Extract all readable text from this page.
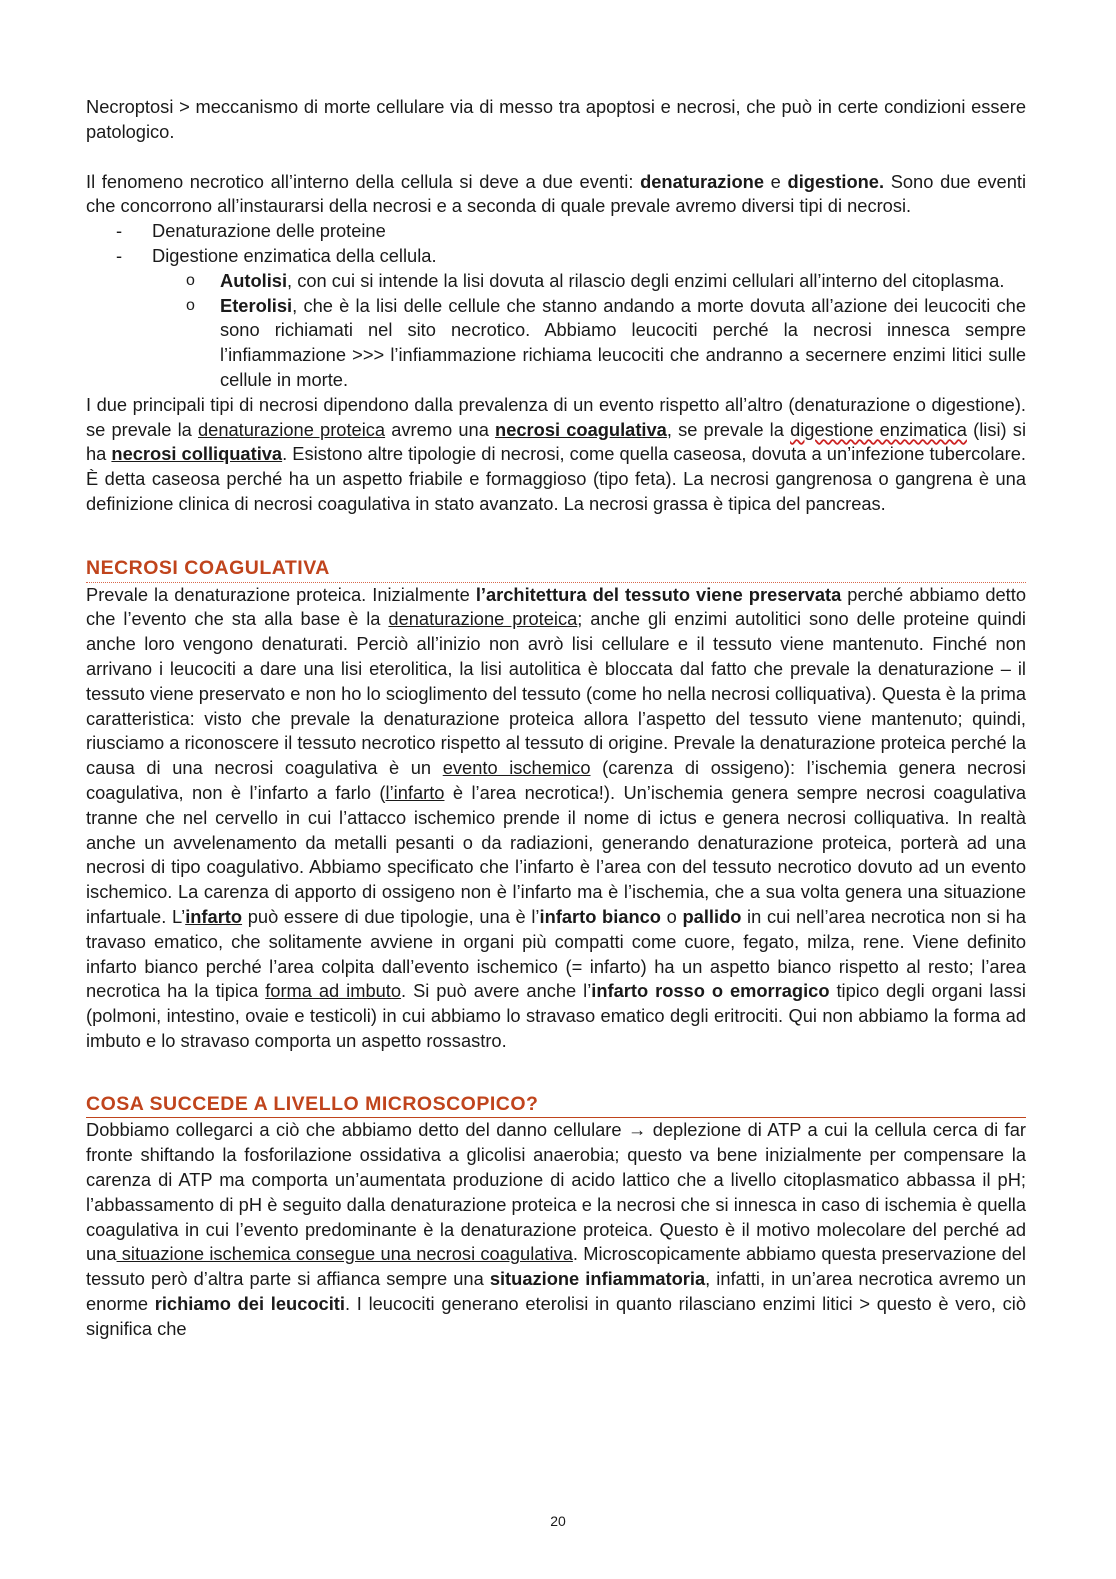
Necroptosi > meccanismo di morte cellulare via di messo tra apoptosi e necrosi, che può in certe condizioni essere patologico.

Il fenomeno necrotico all’interno della cellula si deve a due eventi: denaturazione e digestione. Sono due eventi che concorrono all’instaurarsi della necrosi e a seconda di quale prevale avremo diversi tipi di necrosi.

- Denaturazione delle proteine
- Digestione enzimatica della cellula.
o Autolisi, con cui si intende la lisi dovuta al rilascio degli enzimi cellulari all’interno del citoplasma.
o Eterolisi, che è la lisi delle cellule che stanno andando a morte dovuta all’azione dei leucociti che sono richiamati nel sito necrotico. Abbiamo leucociti perché la necrosi innesca sempre l’infiammazione >>> l’infiammazione richiama leucociti che andranno a secernere enzimi litici sulle cellule in morte.

I due principali tipi di necrosi dipendono dalla prevalenza di un evento rispetto all’altro (denaturazione o digestione). se prevale la denaturazione proteica avremo una necrosi coagulativa, se prevale la digestione enzimatica (lisi) si ha necrosi colliquativa. Esistono altre tipologie di necrosi, come quella caseosa, dovuta a un’infezione tubercolare. È detta caseosa perché ha un aspetto friabile e formaggioso (tipo feta). La necrosi gangrenosa o gangrena è una definizione clinica di necrosi coagulativa in stato avanzato. La necrosi grassa è tipica del pancreas.

NECROSI COAGULATIVA

Prevale la denaturazione proteica. Inizialmente l’architettura del tessuto viene preservata perché abbiamo detto che l’evento che sta alla base è la denaturazione proteica; anche gli enzimi autolitici sono delle proteine quindi anche loro vengono denaturati. Perciò all’inizio non avrò lisi cellulare e il tessuto viene mantenuto. Finché non arrivano i leucociti a dare una lisi eterolitica, la lisi autolitica è bloccata dal fatto che prevale la denaturazione – il tessuto viene preservato e non ho lo scioglimento del tessuto (come ho nella necrosi colliquativa). Questa è la prima caratteristica: visto che prevale la denaturazione proteica allora l’aspetto del tessuto viene mantenuto; quindi, riusciamo a riconoscere il tessuto necrotico rispetto al tessuto di origine. Prevale la denaturazione proteica perché la causa di una necrosi coagulativa è un evento ischemico (carenza di ossigeno): l’ischemia genera necrosi coagulativa, non è l’infarto a farlo (l’infarto è l’area necrotica!). Un’ischemia genera sempre necrosi coagulativa tranne che nel cervello in cui l’attacco ischemico prende il nome di ictus e genera necrosi colliquativa. In realtà anche un avvelenamento da metalli pesanti o da radiazioni, generando denaturazione proteica, porterà ad una necrosi di tipo coagulativo. Abbiamo specificato che l’infarto è l’area con del tessuto necrotico dovuto ad un evento ischemico. La carenza di apporto di ossigeno non è l’infarto ma è l’ischemia, che a sua volta genera una situazione infartuale. L’infarto può essere di due tipologie, una è l’infarto bianco o pallido in cui nell’area necrotica non si ha travaso ematico, che solitamente avviene in organi più compatti come cuore, fegato, milza, rene. Viene definito infarto bianco perché l’area colpita dall’evento ischemico (= infarto) ha un aspetto bianco rispetto al resto; l’area necrotica ha la tipica forma ad imbuto. Si può avere anche l’infarto rosso o emorragico tipico degli organi lassi (polmoni, intestino, ovaie e testicoli) in cui abbiamo lo stravaso ematico degli eritrociti. Qui non abbiamo la forma ad imbuto e lo stravaso comporta un aspetto rossastro.

COSA SUCCEDE A LIVELLO MICROSCOPICO?

Dobbiamo collegarci a ciò che abbiamo detto del danno cellulare → deplezione di ATP a cui la cellula cerca di far fronte shiftando la fosforilazione ossidativa a glicolisi anaerobia; questo va bene inizialmente per compensare la carenza di ATP ma comporta un’aumentata produzione di acido lattico che a livello citoplasmatico abbassa il pH; l’abbassamento di pH è seguito dalla denaturazione proteica e la necrosi che si innesca in caso di ischemia è quella coagulativa in cui l’evento predominante è la denaturazione proteica. Questo è il motivo molecolare del perché ad una situazione ischemica consegue una necrosi coagulativa. Microscopicamente abbiamo questa preservazione del tessuto però d’altra parte si affianca sempre una situazione infiammatoria, infatti, in un’area necrotica avremo un enorme richiamo dei leucociti. I leucociti generano eterolisi in quanto rilasciano enzimi litici > questo è vero, ciò significa che

20
